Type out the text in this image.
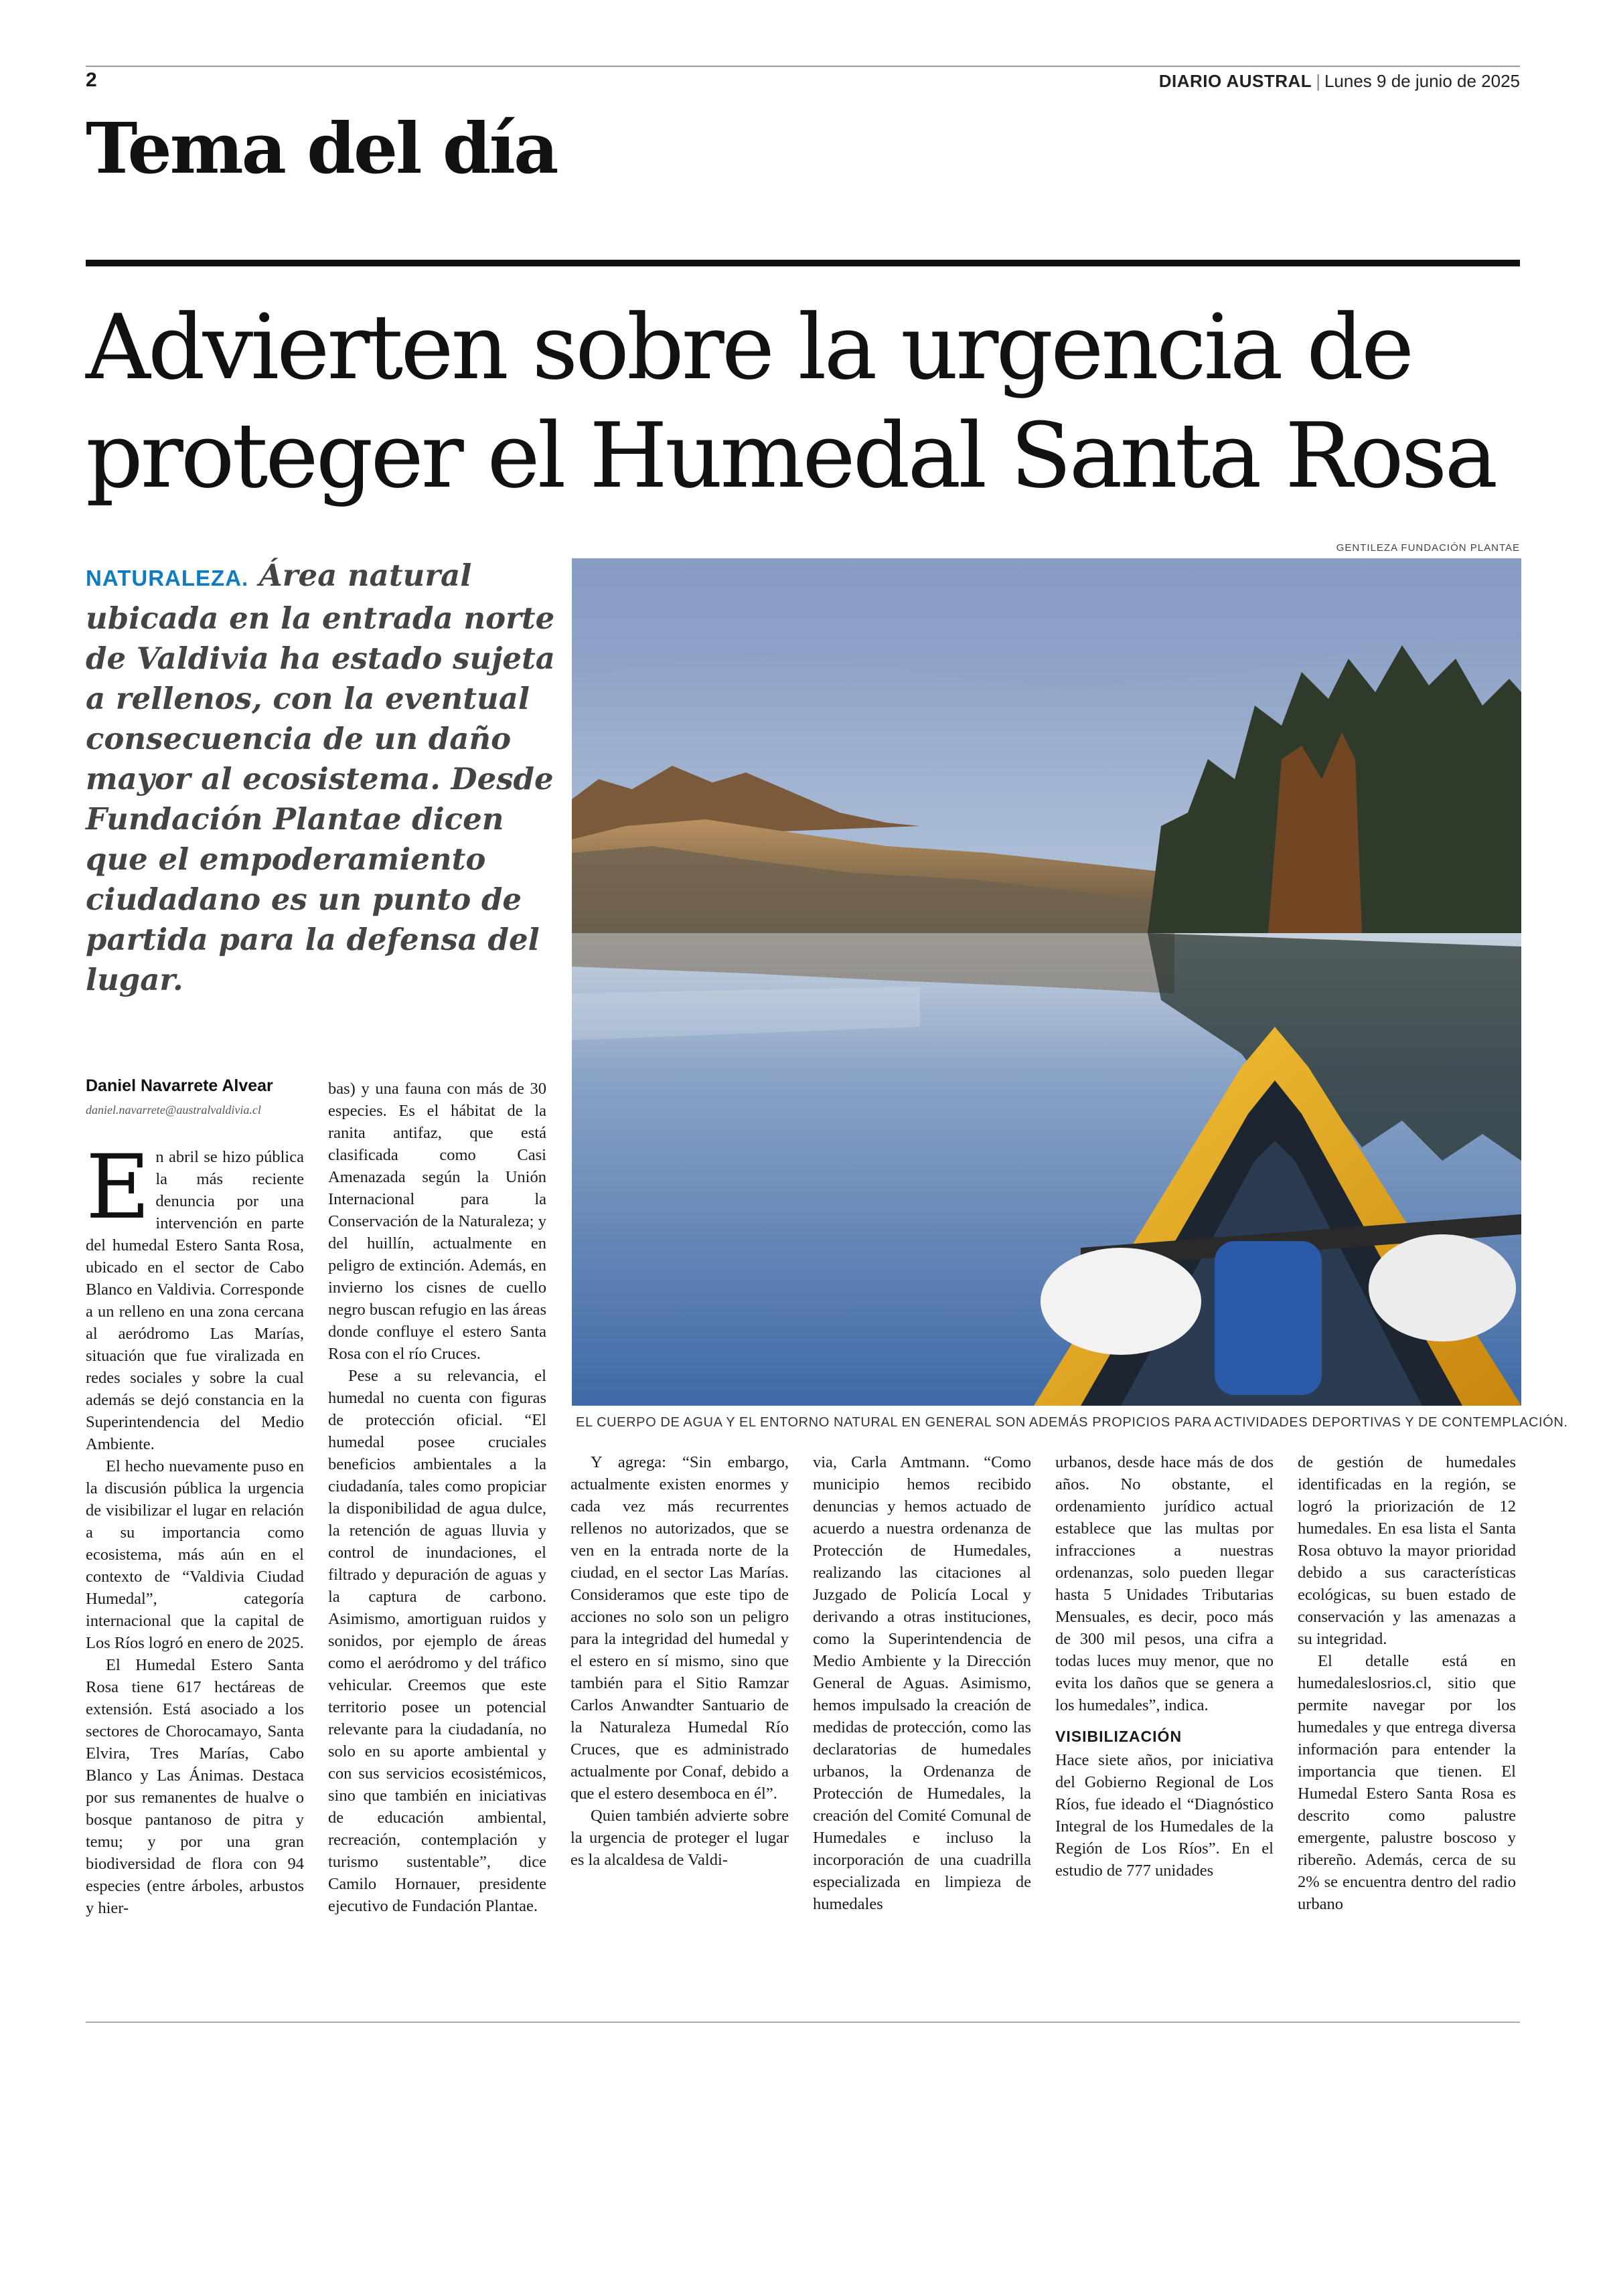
2	DIARIO AUSTRAL | Lunes 9 de junio de 2025
Tema del día
Advierten sobre la urgencia de
proteger el Humedal Santa Rosa
NATURALEZA. Área natural ubicada en la entrada norte de Valdivia ha estado sujeta a rellenos, con la eventual consecuencia de un daño mayor al ecosistema. Desde Fundación Plantae dicen que el empoderamiento ciudadano es un punto de partida para la defensa del lugar.
GENTILEZA FUNDACIÓN PLANTAE
EL CUERPO DE AGUA Y EL ENTORNO NATURAL EN GENERAL SON ADEMÁS PROPICIOS PARA ACTIVIDADES DEPORTIVAS Y DE CONTEMPLACIÓN.
Daniel Navarrete Alvear
daniel.navarrete@australvaldivia.cl

En abril se hizo pública la más reciente denuncia por una intervención en parte del humedal Estero Santa Rosa, ubicado en el sector de Cabo Blanco en Valdivia. Corresponde a un relleno en una zona cercana al aeródromo Las Marías, situación que fue viralizada en redes sociales y sobre la cual además se dejó constancia en la Superintendencia del Medio Ambiente.

El hecho nuevamente puso en la discusión pública la urgencia de visibilizar el lugar en relación a su importancia como ecosistema, más aún en el contexto de “Valdivia Ciudad Humedal”, categoría internacional que la capital de Los Ríos logró en enero de 2025.

El Humedal Estero Santa Rosa tiene 617 hectáreas de extensión. Está asociado a los sectores de Chorocamayo, Santa Elvira, Tres Marías, Cabo Blanco y Las Ánimas. Destaca por sus remanentes de hualve o bosque pantanoso de pitra y temu; y por una gran biodiversidad de flora con 94 especies (entre árboles, arbustos y hier-

bas) y una fauna con más de 30 especies. Es el hábitat de la ranita antifaz, que está clasificada como Casi Amenazada según la Unión Internacional para la Conservación de la Naturaleza; y del huillín, actualmente en peligro de extinción. Además, en invierno los cisnes de cuello negro buscan refugio en las áreas donde confluye el estero Santa Rosa con el río Cruces.

Pese a su relevancia, el humedal no cuenta con figuras de protección oficial. “El humedal posee cruciales beneficios ambientales a la ciudadanía, tales como propiciar la disponibilidad de agua dulce, la retención de aguas lluvia y control de inundaciones, el filtrado y depuración de aguas y la captura de carbono. Asimismo, amortiguan ruidos y sonidos, por ejemplo de áreas como el aeródromo y del tráfico vehicular. Creemos que este territorio posee un potencial relevante para la ciudadanía, no solo en su aporte ambiental y con sus servicios ecosistémicos, sino que también en iniciativas de educación ambiental, recreación, contemplación y turismo sustentable”, dice Camilo Hornauer, presidente ejecutivo de Fundación Plantae.

Y agrega: “Sin embargo, actualmente existen enormes y cada vez más recurrentes rellenos no autorizados, que se ven en la entrada norte de la ciudad, en el sector Las Marías. Consideramos que este tipo de acciones no solo son un peligro para la integridad del humedal y el estero en sí mismo, sino que también para el Sitio Ramzar Carlos Anwandter Santuario de la Naturaleza Humedal Río Cruces, que es administrado actualmente por Conaf, debido a que el estero desemboca en él”.

Quien también advierte sobre la urgencia de proteger el lugar es la alcaldesa de Valdi-

via, Carla Amtmann. “Como municipio hemos recibido denuncias y hemos actuado de acuerdo a nuestra ordenanza de Protección de Humedales, realizando las citaciones al Juzgado de Policía Local y derivando a otras instituciones, como la Superintendencia de Medio Ambiente y la Dirección General de Aguas. Asimismo, hemos impulsado la creación de medidas de protección, como las declaratorias de humedales urbanos, la Ordenanza de Protección de Humedales, la creación del Comité Comunal de Humedales e incluso la incorporación de una cuadrilla especializada en limpieza de humedales

urbanos, desde hace más de dos años. No obstante, el ordenamiento jurídico actual establece que las multas por infracciones a nuestras ordenanzas, solo pueden llegar hasta 5 Unidades Tributarias Mensuales, es decir, poco más de 300 mil pesos, una cifra a todas luces muy menor, que no evita los daños que se genera a los humedales”, indica.

VISIBILIZACIÓN

Hace siete años, por iniciativa del Gobierno Regional de Los Ríos, fue ideado el “Diagnóstico Integral de los Humedales de la Región de Los Ríos”. En el estudio de 777 unidades

de gestión de humedales identificadas en la región, se logró la priorización de 12 humedales. En esa lista el Santa Rosa obtuvo la mayor prioridad debido a sus características ecológicas, su buen estado de conservación y las amenazas a su integridad.

El detalle está en humedaleslosrios.cl, sitio que permite navegar por los humedales y que entrega diversa información para entender la importancia que tienen. El Humedal Estero Santa Rosa es descrito como palustre emergente, palustre boscoso y ribereño. Además, cerca de su 2% se encuentra dentro del radio urbano
